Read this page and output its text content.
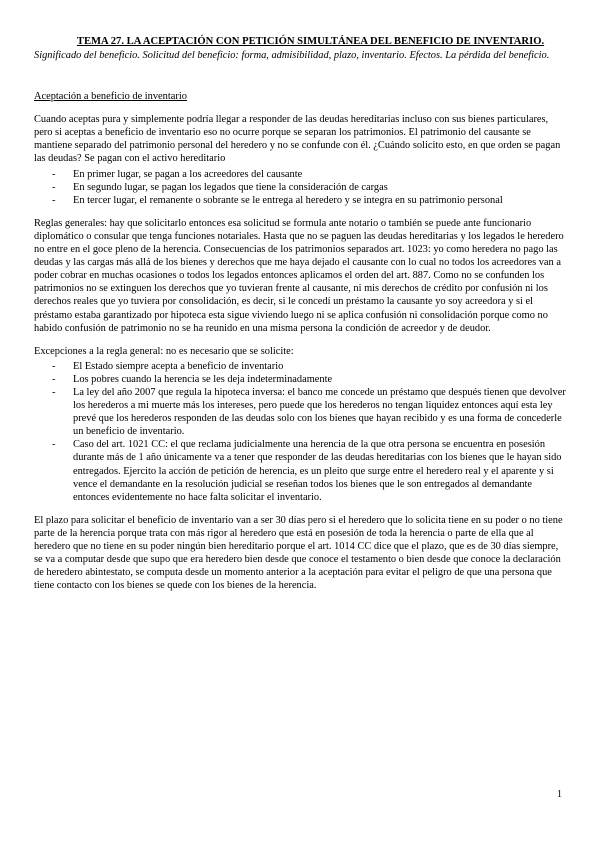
TEMA 27. LA ACEPTACIÓN CON PETICIÓN SIMULTÁNEA DEL BENEFICIO DE INVENTARIO.
Significado del beneficio. Solicitud del beneficio: forma, admisibilidad, plazo, inventario. Efectos. La pérdida del beneficio.
Aceptación a beneficio de inventario

Cuando aceptas pura y simplemente podría llegar a responder de las deudas hereditarias incluso con sus bienes particulares, pero si aceptas a beneficio de inventario eso no ocurre porque se separan los patrimonios. El patrimonio del causante se mantiene separado del patrimonio personal del heredero y no se confunde con él. ¿Cuándo solicito esto, en que orden se pagan las deudas? Se pagan con el activo hereditario

- En primer lugar, se pagan a los acreedores del causante
- En segundo lugar, se pagan los legados que tiene la consideración de cargas
- En tercer lugar, el remanente o sobrante se le entrega al heredero y se integra en su patrimonio personal

Reglas generales: hay que solicitarlo entonces esa solicitud se formula ante notario o también se puede ante funcionario diplomático o consular que tenga funciones notariales. Hasta que no se paguen las deudas hereditarias y los legados le heredero no entre en el goce pleno de la herencia. Consecuencias de los patrimonios separados art. 1023: yo como heredera no pago las deudas y las cargas más allá de los bienes y derechos que me haya dejado el causante con lo cual no todos los acreedores van a poder cobrar en muchas ocasiones o todos los legados entonces aplicamos el orden del art. 887. Como no se confunden los patrimonios no se extinguen los derechos que yo tuvieran frente al causante, ni mis derechos de crédito por confusión ni los derechos reales que yo tuviera por consolidación, es decir, si le concedí un préstamo la causante yo soy acreedora y si el préstamo estaba garantizado por hipoteca esta sigue viviendo luego ni se aplica confusión ni consolidación porque como no habido confusión de patrimonio no se ha reunido en una misma persona la condición de acreedor y de deudor.

Excepciones a la regla general: no es necesario que se solicite:

- El Estado siempre acepta a beneficio de inventario
- Los pobres cuando la herencia se les deja indeterminadamente
- La ley del año 2007 que regula la hipoteca inversa: el banco me concede un préstamo que después tienen que devolver los herederos a mi muerte más los intereses, pero puede que los herederos no tengan liquidez entonces aquí esta ley prevé que los herederos responden de las deudas solo con los bienes que hayan recibido y es una forma de concederle un beneficio de inventario.
- Caso del art. 1021 CC: el que reclama judicialmente una herencia de la que otra persona se encuentra en posesión durante más de 1 año únicamente va a tener que responder de las deudas hereditarias con los bienes que le hayan sido entregados. Ejercito la acción de petición de herencia, es un pleito que surge entre el heredero real y el aparente y si vence el demandante en la resolución judicial se reseñan todos los bienes que le son entregados al demandante entonces evidentemente no hace falta solicitar el inventario.

El plazo para solicitar el beneficio de inventario van a ser 30 días pero si el heredero que lo solicita tiene en su poder o no tiene parte de la herencia porque trata con más rigor al heredero que está en posesión de toda la herencia o parte de ella que al heredero que no tiene en su poder ningún bien hereditario porque el art. 1014 CC dice que el plazo, que es de 30 días siempre, se va a computar desde que supo que era heredero bien desde que conoce el testamento o bien desde que conoce la declaración de heredero abintestato, se computa desde un momento anterior a la aceptación para evitar el peligro de que una persona que tiene contacto con los bienes se quede con los bienes de la herencia.

1
